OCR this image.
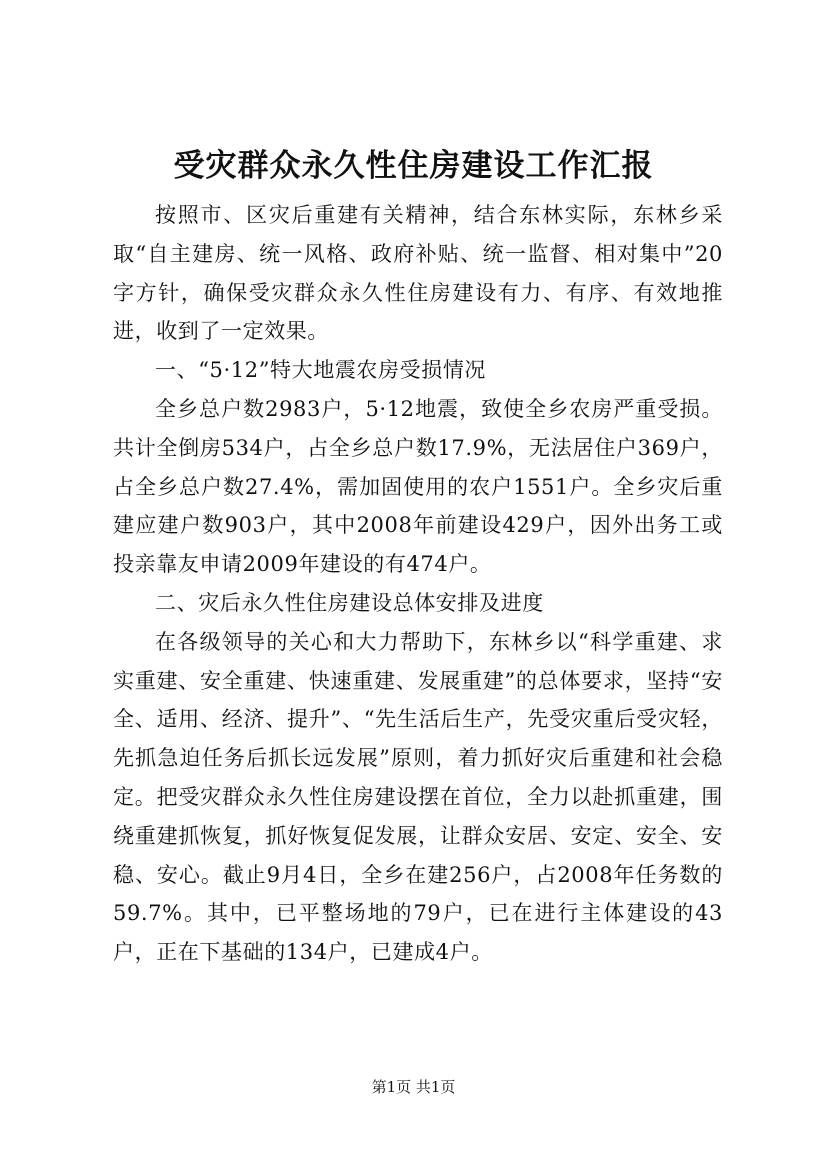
受灾群众永久性住房建设工作汇报

按照市、区灾后重建有关精神，结合东林实际，东林乡采取“自主建房、统一风格、政府补贴、统一监督、相对集中”20字方针，确保受灾群众永久性住房建设有力、有序、有效地推进，收到了一定效果。

一、“5·12”特大地震农房受损情况

全乡总户数2983户，5·12地震，致使全乡农房严重受损。共计全倒房534户，占全乡总户数17.9%，无法居住户369户，占全乡总户数27.4%，需加固使用的农户1551户。全乡灾后重建应建户数903户，其中2008年前建设429户，因外出务工或投亲靠友申请2009年建设的有474户。

二、灾后永久性住房建设总体安排及进度

在各级领导的关心和大力帮助下，东林乡以“科学重建、求实重建、安全重建、快速重建、发展重建”的总体要求，坚持“安全、适用、经济、提升”、“先生活后生产，先受灾重后受灾轻，先抓急迫任务后抓长远发展”原则，着力抓好灾后重建和社会稳定。把受灾群众永久性住房建设摆在首位，全力以赴抓重建，围绕重建抓恢复，抓好恢复促发展，让群众安居、安定、安全、安稳、安心。截止9月4日，全乡在建256户，占2008年任务数的59.7%。其中，已平整场地的79户，已在进行主体建设的43户，正在下基础的134户，已建成4户。

第1页 共1页
